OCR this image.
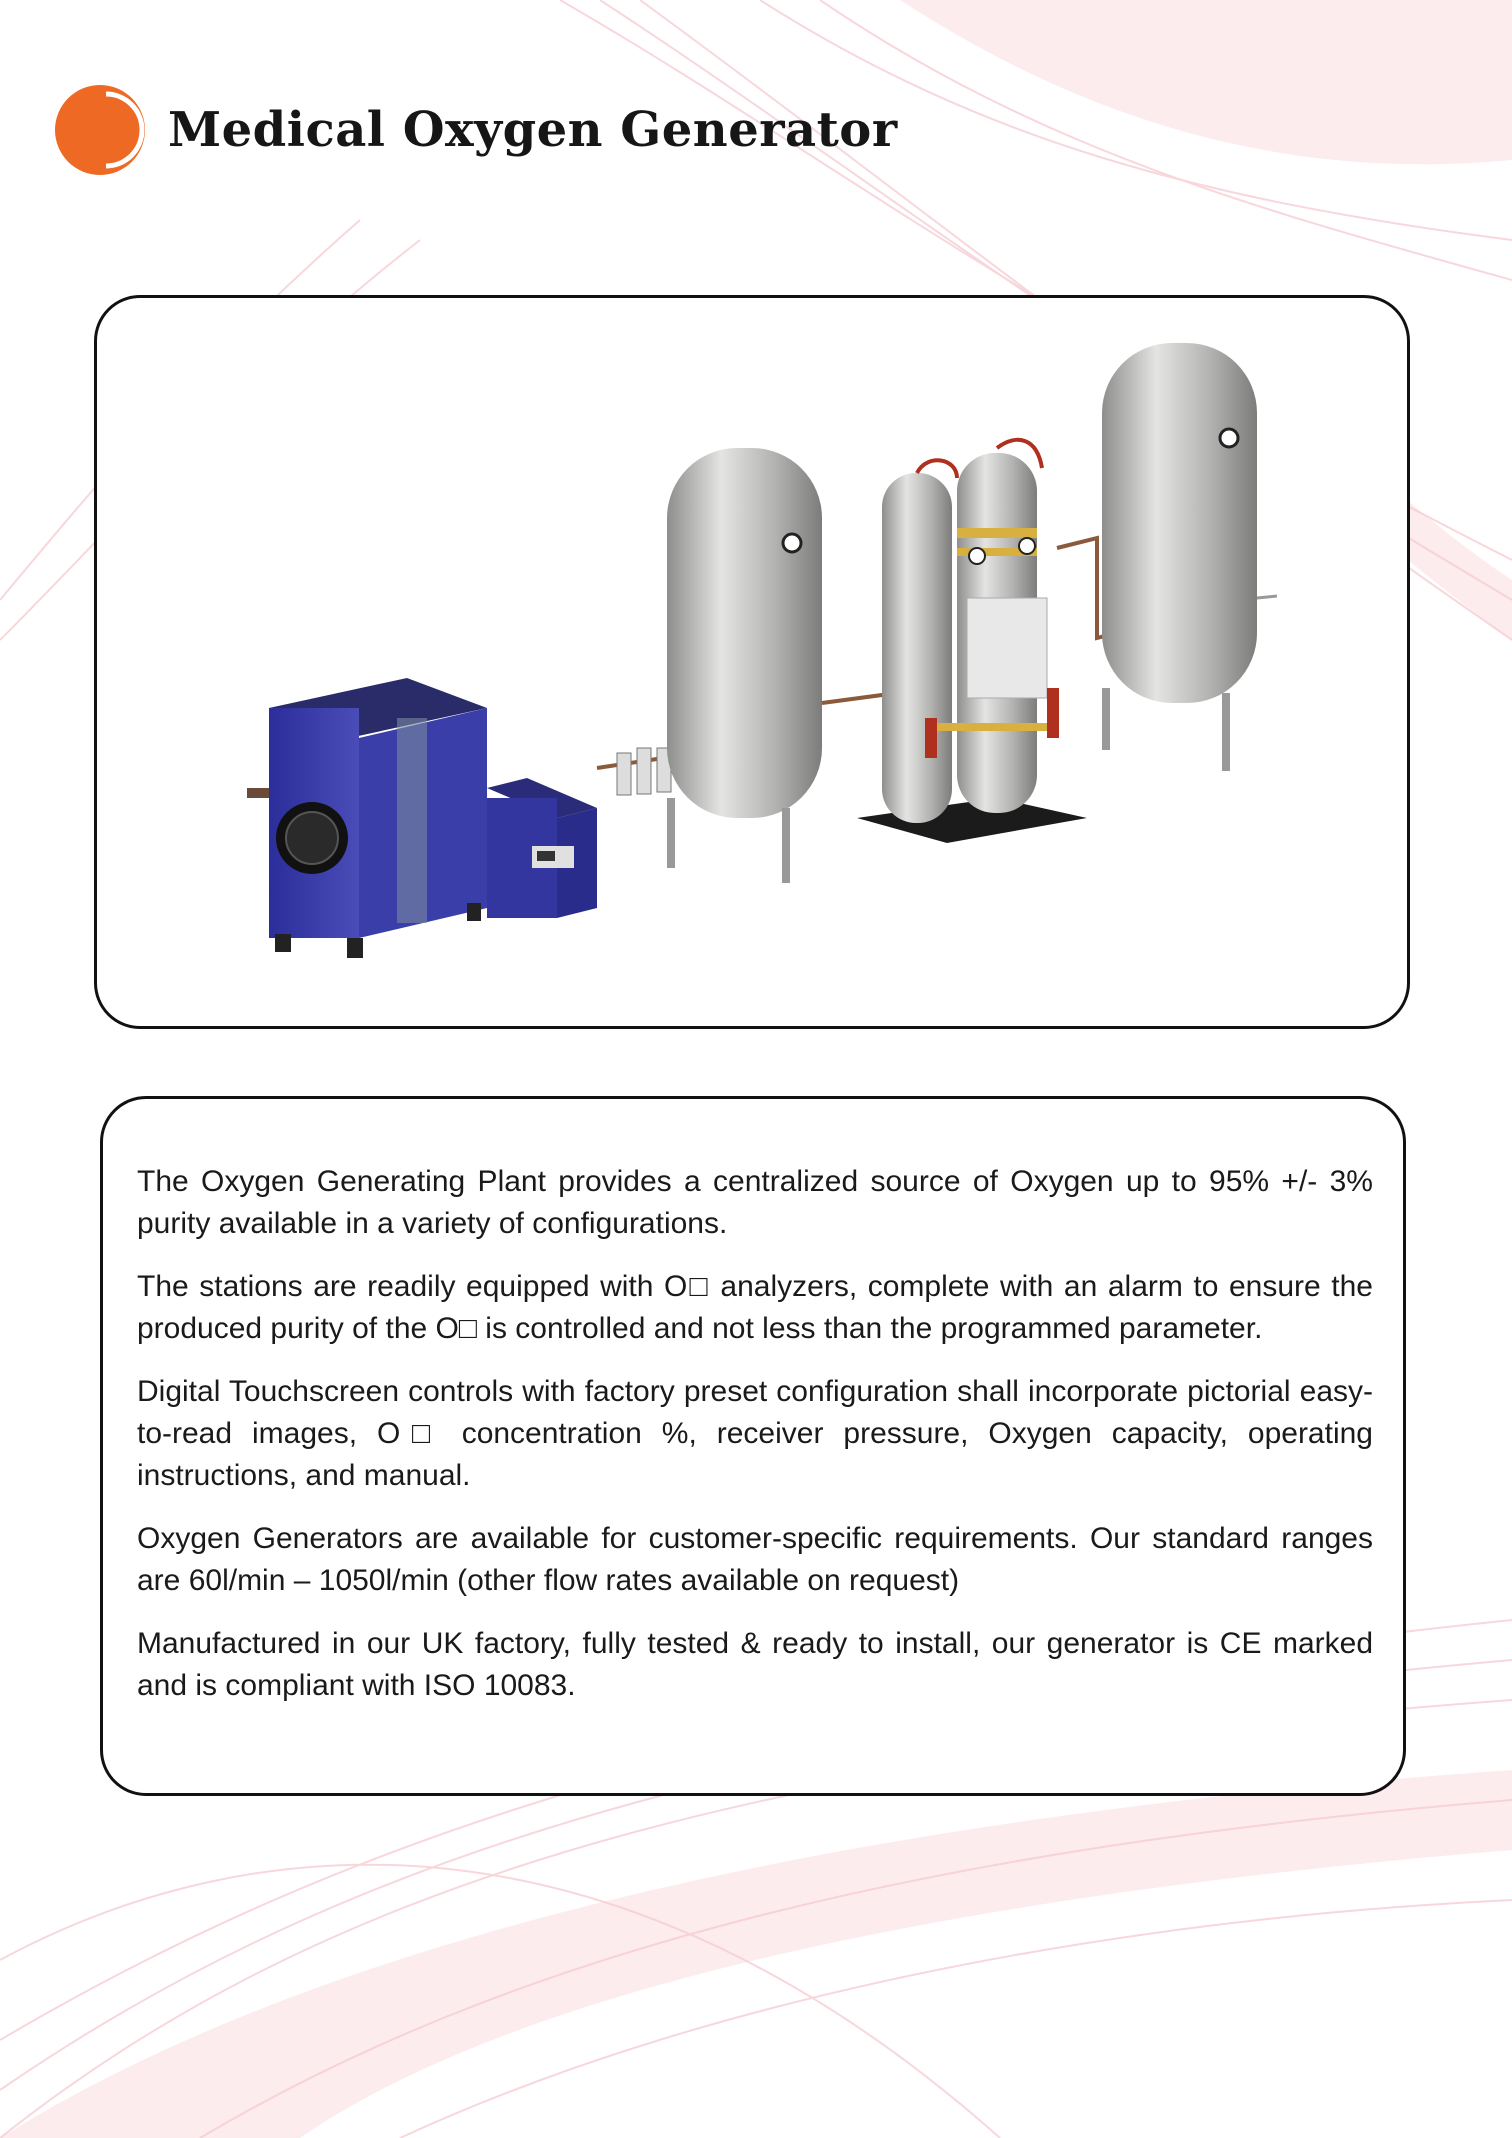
Medical Oxygen Generator

The Oxygen Generating Plant provides a centralized source of Oxygen up to 95% +/- 3% purity available in a variety of configurations.

The stations are readily equipped with O□ analyzers, complete with an alarm to ensure the produced purity of the O□ is controlled and not less than the programmed parameter.

Digital Touchscreen controls with factory preset configuration shall incorporate pictorial easy-to-read images, O□ concentration %, receiver pressure, Oxygen capacity, operating instructions, and manual.

Oxygen Generators are available for customer-specific requirements. Our standard ranges are 60l/min – 1050l/min (other flow rates available on request)

Manufactured in our UK factory, fully tested & ready to install, our generator is CE marked and is compliant with ISO 10083.
